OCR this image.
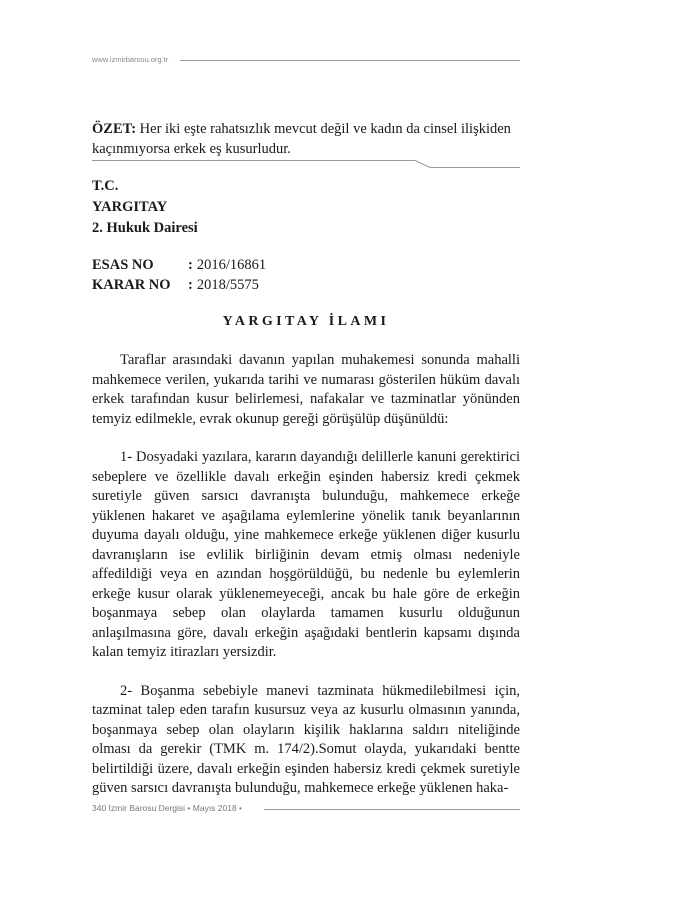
www.izmirbarosu.org.tr
ÖZET: Her iki eşte rahatsızlık mevcut değil ve kadın da cinsel ilişkiden kaçınmıyorsa erkek eş kusurludur.
T.C.
YARGITAY
2. Hukuk Dairesi
ESAS NO	: 2016/16861
KARAR NO	: 2018/5575
YARGITAY İLAMI

Taraflar arasındaki davanın yapılan muhakemesi sonunda mahalli mahkemece verilen, yukarıda tarihi ve numarası gösterilen hüküm davalı erkek tarafından kusur belirlemesi, nafakalar ve tazminatlar yönünden temyiz edilmekle, evrak okunup gereği görüşülüp düşünüldü:

1- Dosyadaki yazılara, kararın dayandığı delillerle kanuni gerektirici sebeplere ve özellikle davalı erkeğin eşinden habersiz kredi çekmek suretiyle güven sarsıcı davranışta bulunduğu, mahkemece erkeğe yüklenen hakaret ve aşağılama eylemlerine yönelik tanık beyanlarının duyuma dayalı olduğu, yine mahkemece erkeğe yüklenen diğer kusurlu davranışların ise evlilik birliğinin devam etmiş olması nedeniyle affedildiği veya en azından hoşgörüldüğü, bu nedenle bu eylemlerin erkeğe kusur olarak yüklenemeyeceği, ancak bu hale göre de erkeğin boşanmaya sebep olan olaylarda tamamen kusurlu olduğunun anlaşılmasına göre, davalı erkeğin aşağıdaki bentlerin kapsamı dışında kalan temyiz itirazları yersizdir.

2- Boşanma sebebiyle manevi tazminata hükmedilebilmesi için, tazminat talep eden tarafın kusursuz veya az kusurlu olmasının yanında, boşanmaya sebep olan olayların kişilik haklarına saldırı niteliğinde olması da gerekir (TMK m. 174/2).Somut olayda, yukarıdaki bentte belirtildiği üzere, davalı erkeğin eşinden habersiz kredi çekmek suretiyle güven sarsıcı davranışta bulunduğu, mahkemece erkeğe yüklenen haka-

340 İzmir Barosu Dergisi • Mayıs 2018 •
